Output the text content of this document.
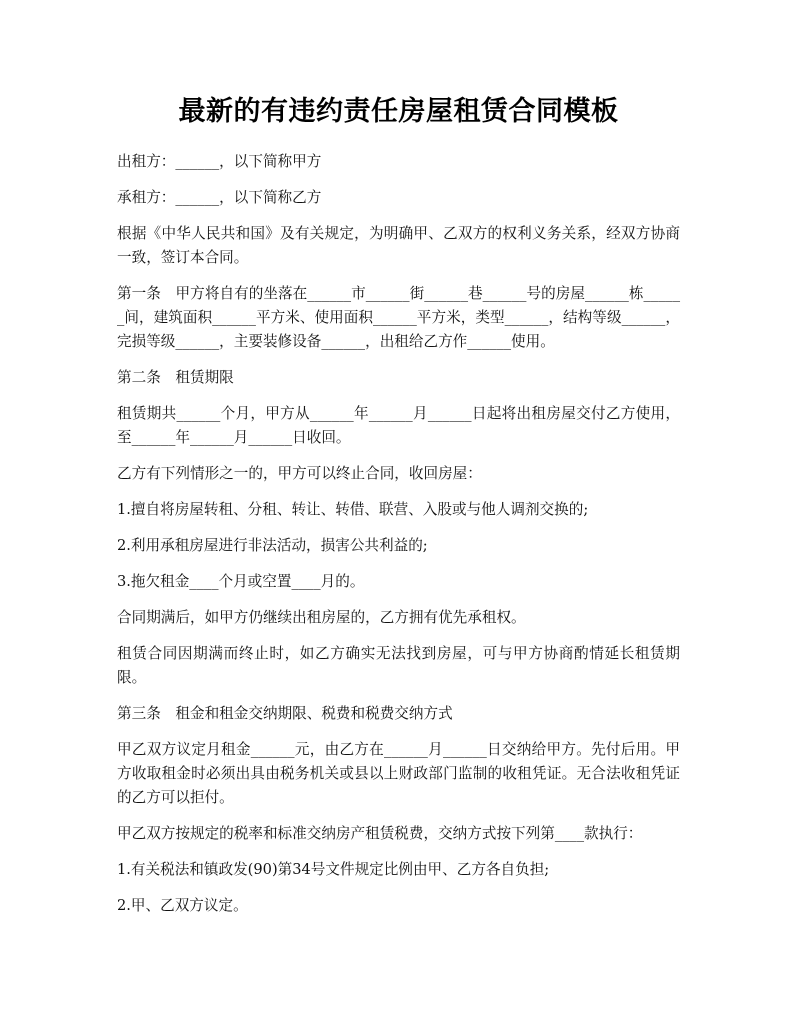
最新的有违约责任房屋租赁合同模板

出租方：______，以下简称甲方

承租方：______，以下简称乙方

根据《中华人民共和国》及有关规定，为明确甲、乙双方的权利义务关系，经双方协商一致，签订本合同。

第一条　甲方将自有的坐落在______市______街______巷______号的房屋______栋______间，建筑面积______平方米、使用面积______平方米，类型______，结构等级______，完损等级______，主要装修设备______，出租给乙方作______使用。

第二条　租赁期限

租赁期共______个月，甲方从______年______月______日起将出租房屋交付乙方使用，至______年______月______日收回。

乙方有下列情形之一的，甲方可以终止合同，收回房屋：

1.擅自将房屋转租、分租、转让、转借、联营、入股或与他人调剂交换的;

2.利用承租房屋进行非法活动，损害公共利益的;

3.拖欠租金____个月或空置____月的。

合同期满后，如甲方仍继续出租房屋的，乙方拥有优先承租权。

租赁合同因期满而终止时，如乙方确实无法找到房屋，可与甲方协商酌情延长租赁期限。

第三条　租金和租金交纳期限、税费和税费交纳方式

甲乙双方议定月租金______元，由乙方在______月______日交纳给甲方。先付后用。甲方收取租金时必须出具由税务机关或县以上财政部门监制的收租凭证。无合法收租凭证的乙方可以拒付。

甲乙双方按规定的税率和标准交纳房产租赁税费，交纳方式按下列第____款执行：

1.有关税法和镇政发(90)第34号文件规定比例由甲、乙方各自负担;

2.甲、乙双方议定。
